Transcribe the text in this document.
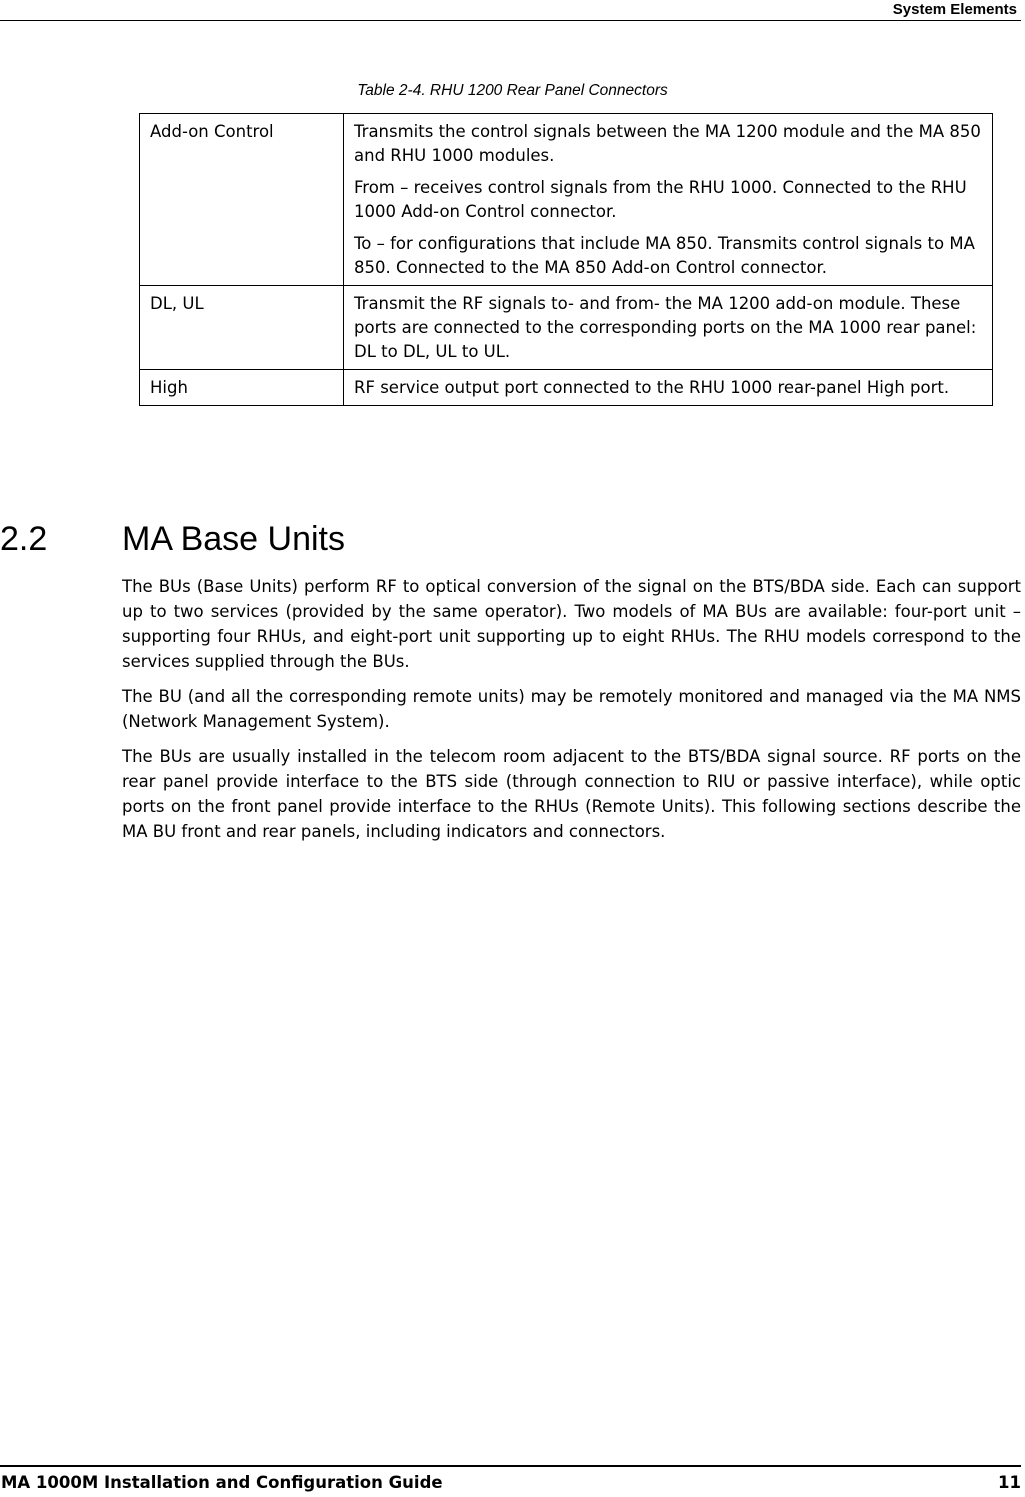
System Elements
Table 2-4. RHU 1200 Rear Panel Connectors
Add-on Control	Transmits the control signals between the MA 1200 module and the MA 850 and RHU 1000 modules.

From – receives control signals from the RHU 1000. Connected to the RHU 1000 Add-on Control connector.

To – for configurations that include MA 850. Transmits control signals to MA 850. Connected to the MA 850 Add-on Control connector.

DL, UL	Transmit the RF signals to- and from- the MA 1200 add-on module. These ports are connected to the corresponding ports on the MA 1000 rear panel: DL to DL, UL to UL.

High	RF service output port connected to the RHU 1000 rear-panel High port.

2.2 MA Base Units

The BUs (Base Units) perform RF to optical conversion of the signal on the BTS/BDA side. Each can support up to two services (provided by the same operator). Two models of MA BUs are available: four-port unit – supporting four RHUs, and eight-port unit supporting up to eight RHUs. The RHU models correspond to the services supplied through the BUs.

The BU (and all the corresponding remote units) may be remotely monitored and managed via the MA NMS (Network Management System).

The BUs are usually installed in the telecom room adjacent to the BTS/BDA signal source. RF ports on the rear panel provide interface to the BTS side (through connection to RIU or passive interface), while optic ports on the front panel provide interface to the RHUs (Remote Units). This following sections describe the MA BU front and rear panels, including indicators and connectors.

MA 1000M Installation and Configuration Guide	11
